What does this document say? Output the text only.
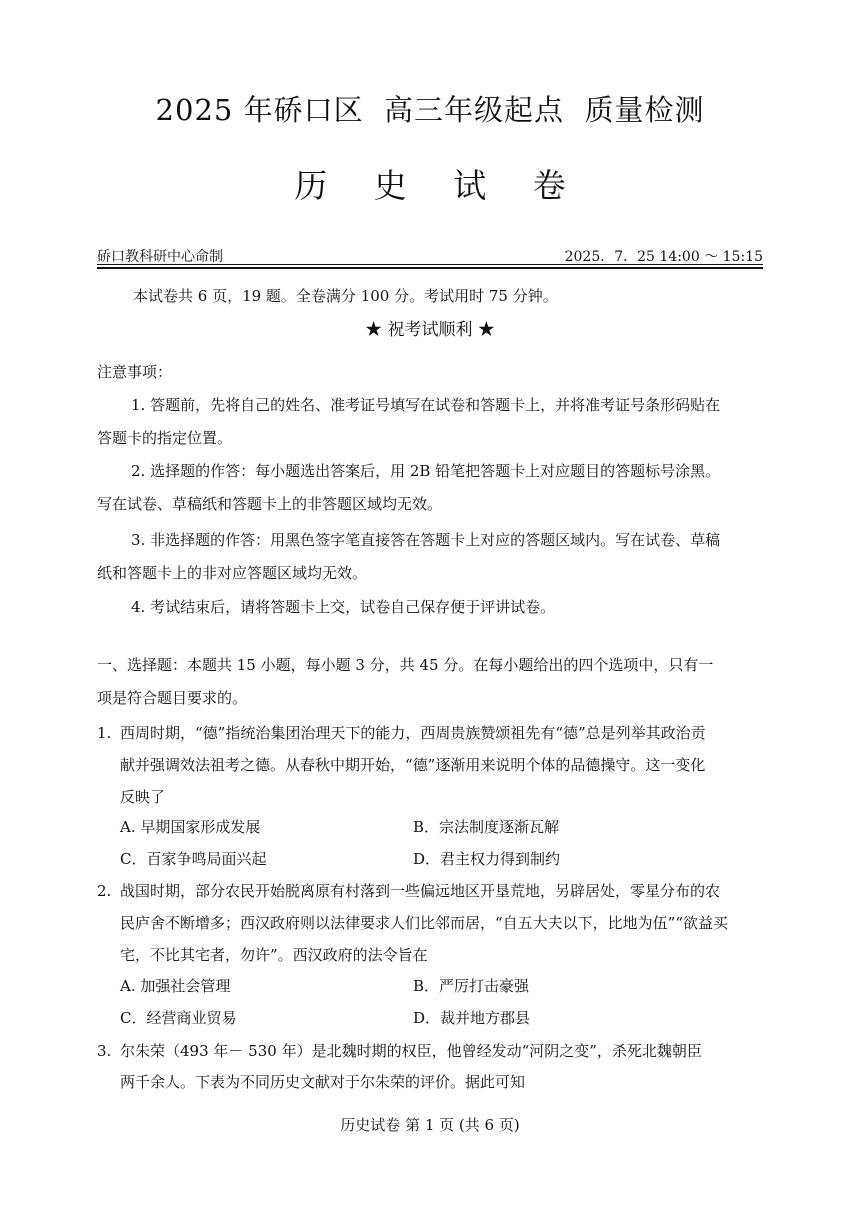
2025 年硚口区  高三年级起点  质量检测
历 史 试 卷
硚口教科研中心命制	2025．7．25 14:00 ～ 15:15
本试卷共 6 页，19 题。全卷满分 100 分。考试用时 75 分钟。
★ 祝考试顺利 ★
注意事项：
1. 答题前，先将自己的姓名、准考证号填写在试卷和答题卡上，并将准考证号条形码贴在
答题卡的指定位置。
2. 选择题的作答：每小题选出答案后，用 2B 铅笔把答题卡上对应题目的答题标号涂黑。
写在试卷、草稿纸和答题卡上的非答题区域均无效。
3. 非选择题的作答：用黑色签字笔直接答在答题卡上对应的答题区域内。写在试卷、草稿
纸和答题卡上的非对应答题区域均无效。
4. 考试结束后，请将答题卡上交，试卷自己保存便于评讲试卷。
一、选择题：本题共 15 小题，每小题 3 分，共 45 分。在每小题给出的四个选项中，只有一
项是符合题目要求的。
1. 西周时期，“德”指统治集团治理天下的能力，西周贵族赞颂祖先有“德”总是列举其政治贡
献并强调效法祖考之德。从春秋中期开始，“德”逐渐用来说明个体的品德操守。这一变化
反映了
A. 早期国家形成发展	B．宗法制度逐渐瓦解
C．百家争鸣局面兴起	D．君主权力得到制约
2. 战国时期，部分农民开始脱离原有村落到一些偏远地区开垦荒地，另辟居处，零星分布的农
民庐舍不断增多；西汉政府则以法律要求人们比邻而居，“自五大夫以下，比地为伍”“欲益买
宅，不比其宅者，勿许”。西汉政府的法令旨在
A. 加强社会管理	B．严厉打击豪强
C．经营商业贸易	D．裁并地方郡县
3. 尔朱荣（493 年－ 530 年）是北魏时期的权臣，他曾经发动“河阴之变”，杀死北魏朝臣
两千余人。下表为不同历史文献对于尔朱荣的评价。据此可知
历史试卷 第 1 页 (共 6 页)
